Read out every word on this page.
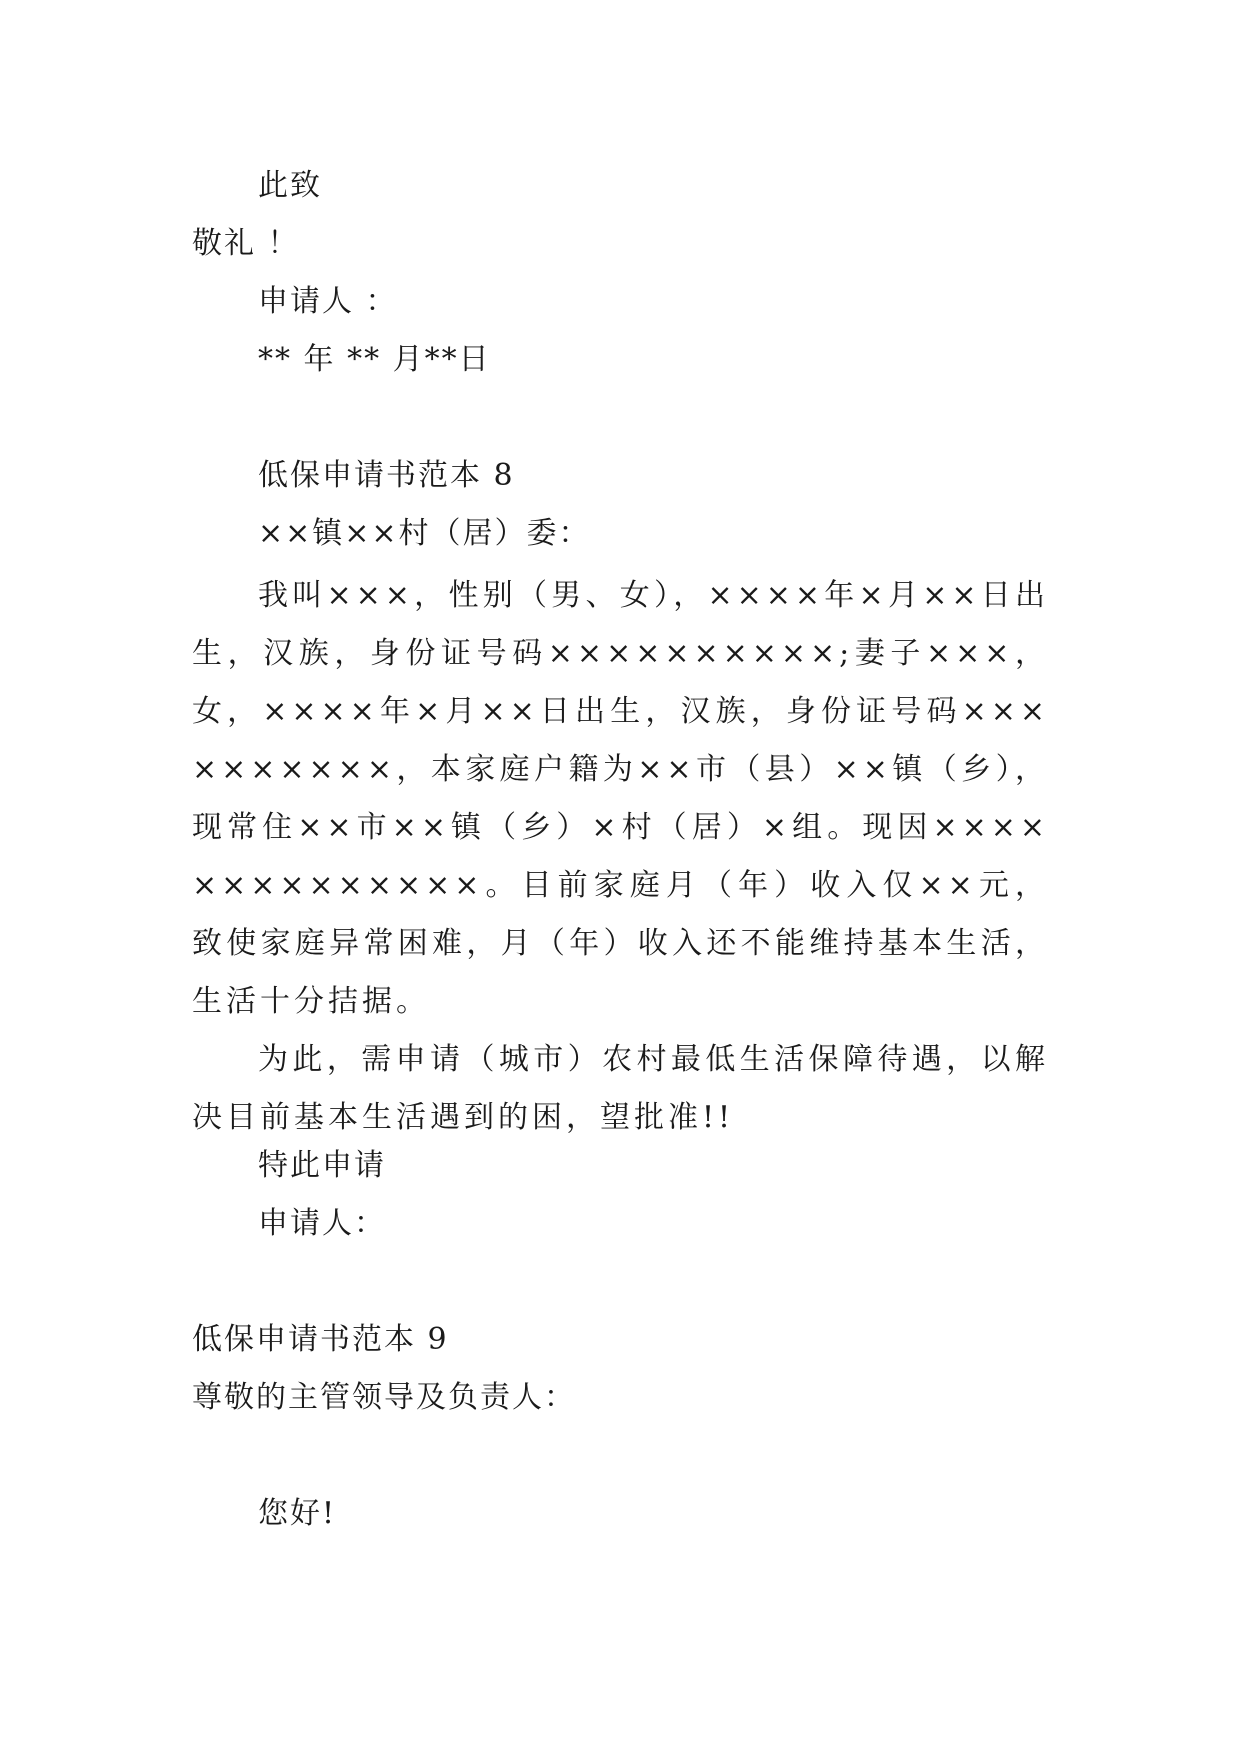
此致
敬礼 ！
申请人 ：
** 年 ** 月**日
低保申请书范本 8
××镇××村（居）委：
我叫×××，性别（男、女），××××年×月××日出生，汉族，身份证号码××××××××××;妻子×××，女，××××年×月××日出生，汉族，身份证号码××××××××××，本家庭户籍为××市（县）××镇（乡），现常住××市××镇（乡）×村（居）×组。现因××××××××××××××。目前家庭月（年）收入仅××元，致使家庭异常困难，月（年）收入还不能维持基本生活，生活十分拮据。
为此，需申请（城市）农村最低生活保障待遇，以解决目前基本生活遇到的困，望批准!!
特此申请
申请人：
低保申请书范本 9
尊敬的主管领导及负责人：
您好!
